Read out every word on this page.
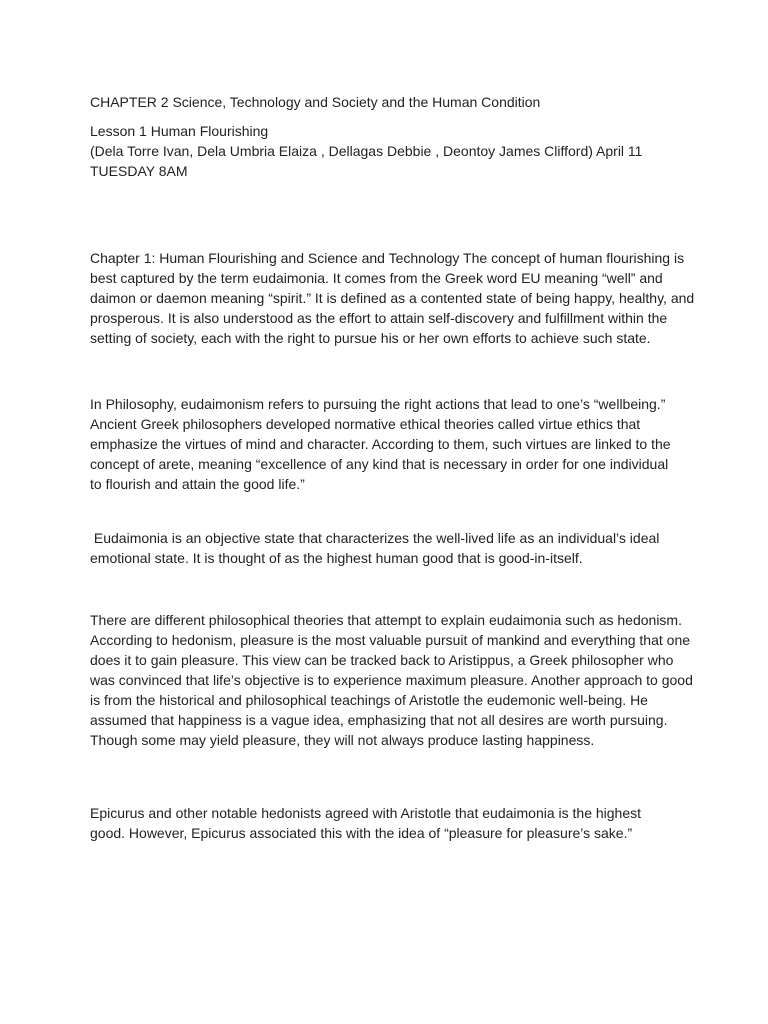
CHAPTER 2 Science, Technology and Society and the Human Condition

Lesson 1 Human Flourishing

(Dela Torre Ivan, Dela Umbria Elaiza , Dellagas Debbie , Deontoy James Clifford) April 11 TUESDAY 8AM

Chapter 1: Human Flourishing and Science and Technology The concept of human flourishing is best captured by the term eudaimonia. It comes from the Greek word EU meaning “well” and daimon or daemon meaning “spirit.” It is defined as a contented state of being happy, healthy, and prosperous. It is also understood as the effort to attain self-discovery and fulfillment within the setting of society, each with the right to pursue his or her own efforts to achieve such state.

In Philosophy, eudaimonism refers to pursuing the right actions that lead to one’s “wellbeing.” Ancient Greek philosophers developed normative ethical theories called virtue ethics that emphasize the virtues of mind and character. According to them, such virtues are linked to the concept of arete, meaning “excellence of any kind that is necessary in order for one individual to flourish and attain the good life.”

Eudaimonia is an objective state that characterizes the well-lived life as an individual’s ideal emotional state. It is thought of as the highest human good that is good-in-itself.

There are different philosophical theories that attempt to explain eudaimonia such as hedonism. According to hedonism, pleasure is the most valuable pursuit of mankind and everything that one does it to gain pleasure. This view can be tracked back to Aristippus, a Greek philosopher who was convinced that life’s objective is to experience maximum pleasure. Another approach to good is from the historical and philosophical teachings of Aristotle the eudemonic well-being. He assumed that happiness is a vague idea, emphasizing that not all desires are worth pursuing. Though some may yield pleasure, they will not always produce lasting happiness.

Epicurus and other notable hedonists agreed with Aristotle that eudaimonia is the highest good. However, Epicurus associated this with the idea of “pleasure for pleasure’s sake.”
